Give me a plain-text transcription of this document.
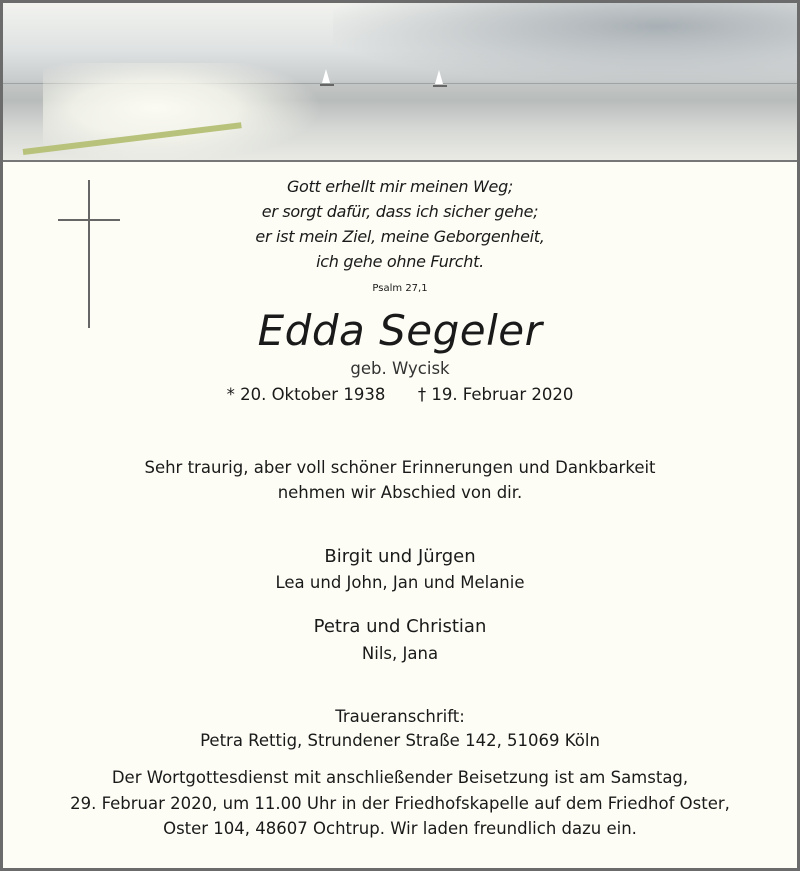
Gott erhellt mir meinen Weg;
er sorgt dafür, dass ich sicher gehe;
er ist mein Ziel, meine Geborgenheit,
ich gehe ohne Furcht.
Psalm 27,1
Edda Segeler
geb. Wycisk
* 20. Oktober 1938 † 19. Februar 2020
Sehr traurig, aber voll schöner Erinnerungen und Dankbarkeit
nehmen wir Abschied von dir.
Birgit und Jürgen
Lea und John, Jan und Melanie
Petra und Christian
Nils, Jana
Traueranschrift:
Petra Rettig, Strundener Straße 142, 51069 Köln
Der Wortgottesdienst mit anschließender Beisetzung ist am Samstag,
29. Februar 2020, um 11.00 Uhr in der Friedhofskapelle auf dem Friedhof Oster,
Oster 104, 48607 Ochtrup. Wir laden freundlich dazu ein.
